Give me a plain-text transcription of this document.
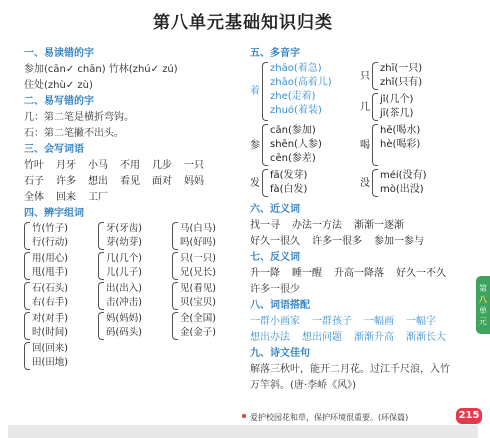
第八单元基础知识归类
一、易读错的字
参加(cān✓ chān) 竹林(zhú✓ zú)
住处(zhù✓ zù)
二、易写错的字
几：第二笔是横折弯钩。
石：第二笔撇不出头。
三、会写词语
竹叶 月牙 小马 不用 几步 一只
石子 许多 想出 看见 面对 妈妈
全体 回来 工厂
四、辨字组词
竹(竹子)
行(行动)
牙(牙齿)
芽(幼芽)
马(白马)
吗(好吗)
用(用心)
甩(甩手)
几(几个)
儿(儿子)
只(一只)
兄(兄长)
石(石头)
右(右手)
出(出入)
击(冲击)
见(看见)
贝(宝贝)
对(对手)
时(时间)
妈(妈妈)
码(码头)
全(全国)
金(金子)
回(回来)
田(田地)
五、多音字
着
zhāo(着急)
zhāo(高着儿)
zhe(走着)
zhuó(着装)
只
zhī(一只)
zhǐ(只有)
几
jǐ(几个)
jī(茶几)
参
cān(参加)
shēn(人参)
cēn(参差)
喝
hē(喝水)
hè(喝彩)
发
fā(发芽)
fà(白发)
没
méi(没有)
mò(出没)
六、近义词
找一寻 办法一方法 渐渐一逐渐
好久一很久 许多一很多 参加一参与
七、反义词
升一降 睡一醒 升高一降落 好久一不久
许多一很少
八、词语搭配
一群小画家 一群孩子 一幅画 一幅字
想出办法 想出问题 渐渐升高 渐渐长大
九、诗文佳句
解落三秋叶，能开二月花。过江千尺浪，入竹
万竿斜。(唐·李峤《风》)
爱护校园花和草，保护环境很重要。(环保篇)	215
第
八
单
元
